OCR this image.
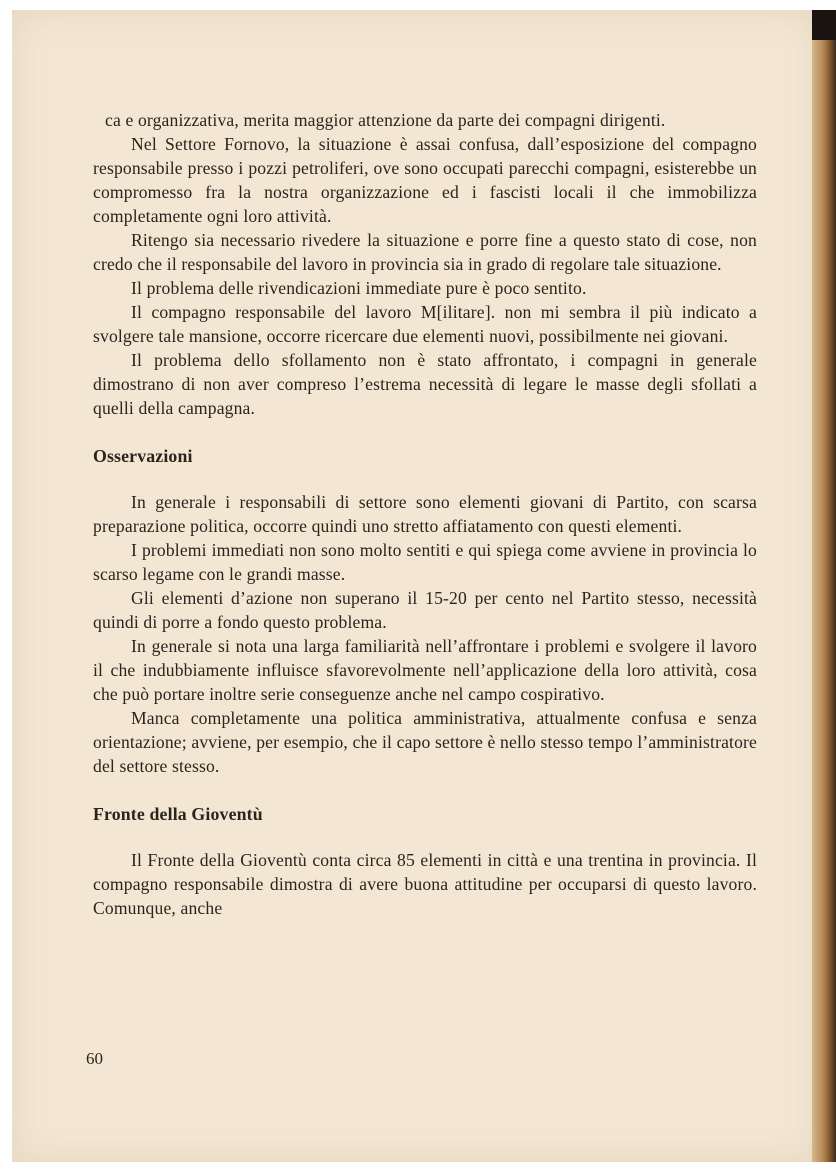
ca e organizzativa, merita maggior attenzione da parte dei compagni dirigenti.

Nel Settore Fornovo, la situazione è assai confusa, dall’esposizione del compagno responsabile presso i pozzi petroliferi, ove sono occupati parecchi compagni, esisterebbe un compromesso fra la nostra organizzazione ed i fascisti locali il che immobilizza completamente ogni loro attività.

Ritengo sia necessario rivedere la situazione e porre fine a questo stato di cose, non credo che il responsabile del lavoro in provincia sia in grado di regolare tale situazione.

Il problema delle rivendicazioni immediate pure è poco sentito.

Il compagno responsabile del lavoro M[ilitare]. non mi sembra il più indicato a svolgere tale mansione, occorre ricercare due elementi nuovi, possibilmente nei giovani.

Il problema dello sfollamento non è stato affrontato, i compagni in generale dimostrano di non aver compreso l’estrema necessità di legare le masse degli sfollati a quelli della campagna.

Osservazioni

In generale i responsabili di settore sono elementi giovani di Partito, con scarsa preparazione politica, occorre quindi uno stretto affiatamento con questi elementi.

I problemi immediati non sono molto sentiti e qui spiega come avviene in provincia lo scarso legame con le grandi masse.

Gli elementi d’azione non superano il 15-20 per cento nel Partito stesso, necessità quindi di porre a fondo questo problema.

In generale si nota una larga familiarità nell’affrontare i problemi e svolgere il lavoro il che indubbiamente influisce sfavorevolmente nell’applicazione della loro attività, cosa che può portare inoltre serie conseguenze anche nel campo cospirativo.

Manca completamente una politica amministrativa, attualmente confusa e senza orientazione; avviene, per esempio, che il capo settore è nello stesso tempo l’amministratore del settore stesso.

Fronte della Gioventù

Il Fronte della Gioventù conta circa 85 elementi in città e una trentina in provincia. Il compagno responsabile dimostra di avere buona attitudine per occuparsi di questo lavoro. Comunque, anche

60
